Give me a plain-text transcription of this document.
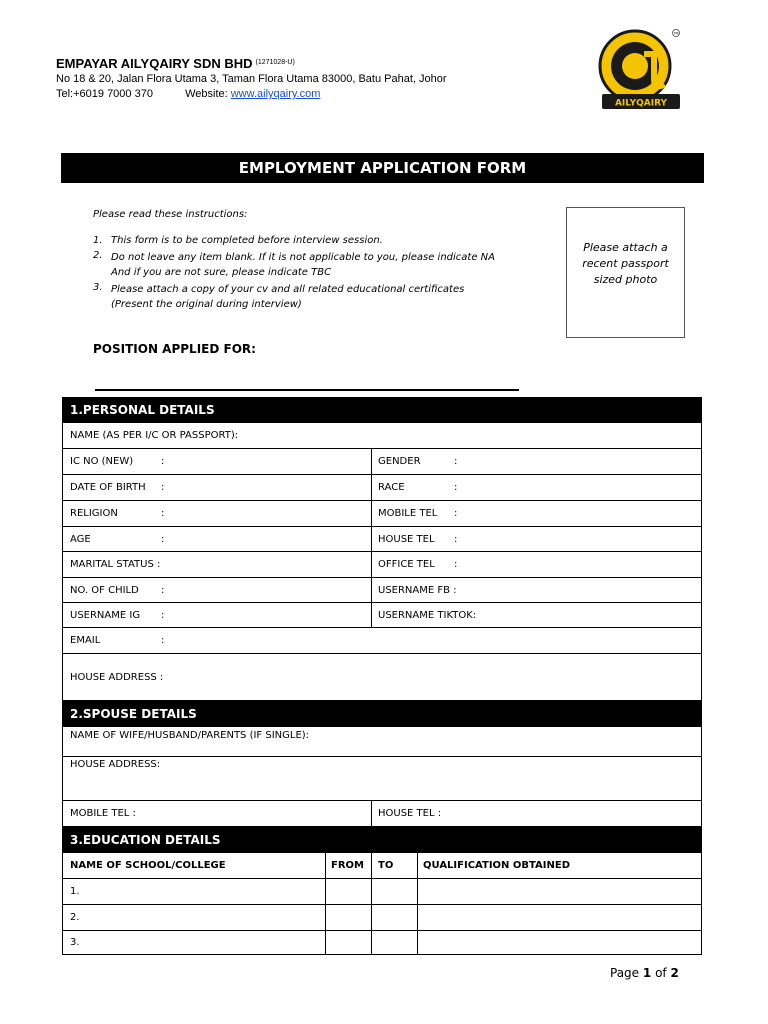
EMPAYAR AILYQAIRY SDN BHD $^{(1271028-U)}$
No 18 & 20, Jalan Flora Utama 3, Taman Flora Utama 83000, Batu Pahat, Johor
Tel:+6019 7000 370	Website: www.ailyqairy.com
AILYQAIRY
TM
EMPLOYMENT APPLICATION FORM
Please read these instructions:
1. This form is to be completed before interview session.
2. Do not leave any item blank. If it is not applicable to you, please indicate NA
And if you are not sure, please indicate TBC
3. Please attach a copy of your cv and all related educational certificates
(Present the original during interview)
Please attach a
recent passport
sized photo
POSITION APPLIED FOR:
1.PERSONAL DETAILS
NAME (AS PER I/C OR PASSPORT):
IC NO (NEW)	:	GENDER	:
DATE OF BIRTH :	RACE	:
RELIGION	:	MOBILE TEL :
AGE	:	HOUSE TEL :
MARITAL STATUS :	OFFICE TEL :
NO. OF CHILD :	USERNAME FB :
USERNAME IG :	USERNAME TIKTOK:
EMAIL	:
HOUSE ADDRESS :
2.SPOUSE DETAILS
NAME OF WIFE/HUSBAND/PARENTS (IF SINGLE):
HOUSE ADDRESS:
MOBILE TEL :	HOUSE TEL :
3.EDUCATION DETAILS
NAME OF SCHOOL/COLLEGE	FROM	TO	QUALIFICATION OBTAINED
1.
2.
3.
Page 1 of 2
